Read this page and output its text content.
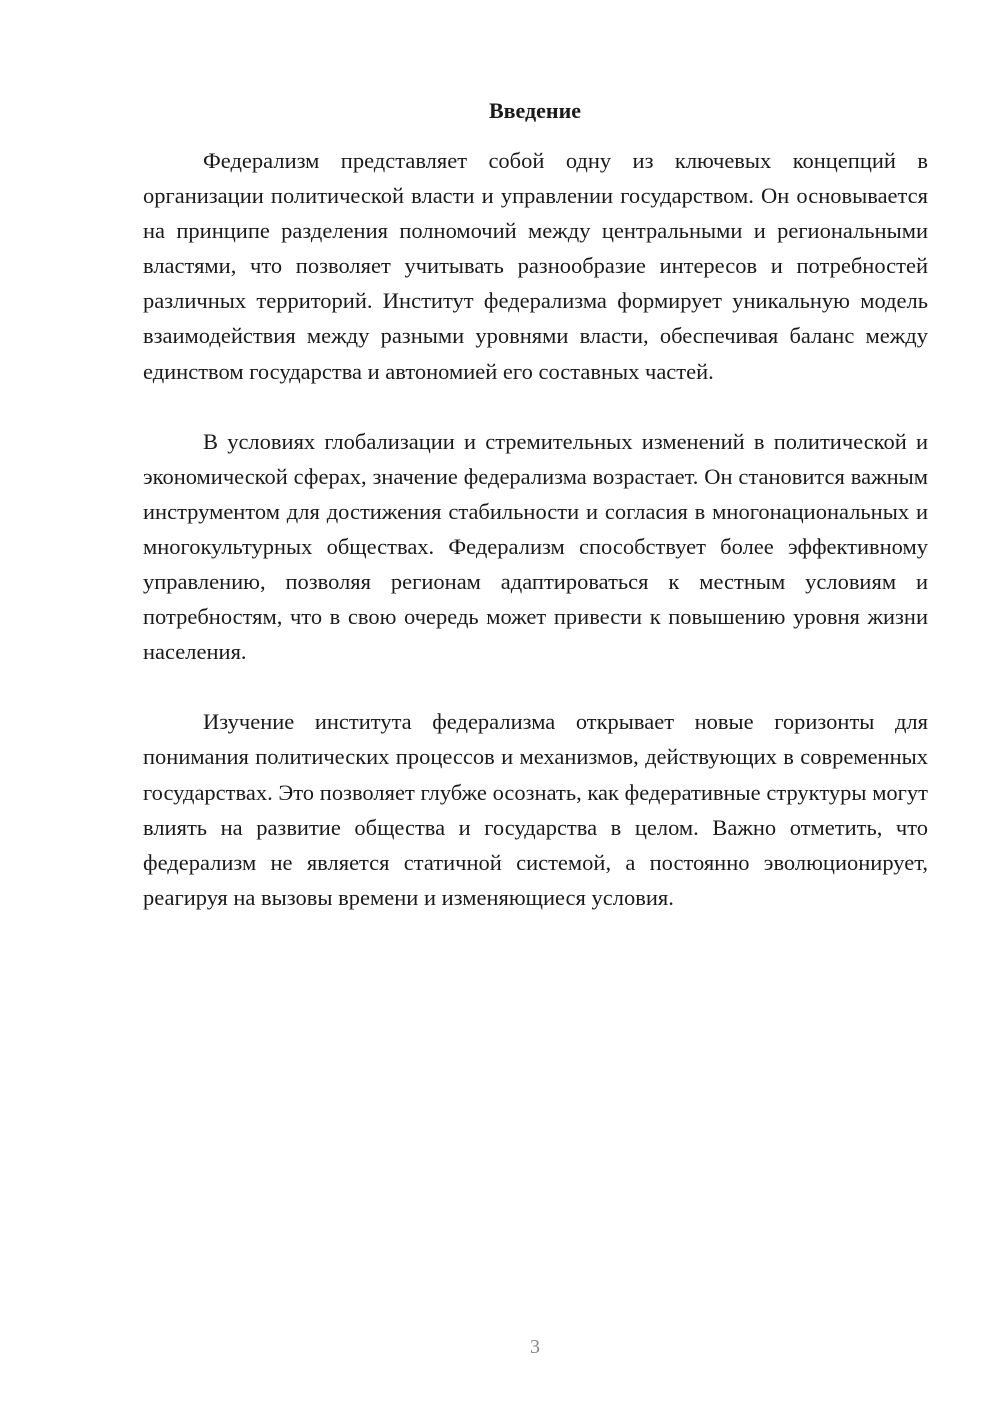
Введение

Федерализм представляет собой одну из ключевых концепций в организации политической власти и управлении государством. Он основывается на принципе разделения полномочий между центральными и региональными властями, что позволяет учитывать разнообразие интересов и потребностей различных территорий. Институт федерализма формирует уникальную модель взаимодействия между разными уровнями власти, обеспечивая баланс между единством государства и автономией его составных частей.

В условиях глобализации и стремительных изменений в политической и экономической сферах, значение федерализма возрастает. Он становится важным инструментом для достижения стабильности и согласия в многонациональных и многокультурных обществах. Федерализм способствует более эффективному управлению, позволяя регионам адаптироваться к местным условиям и потребностям, что в свою очередь может привести к повышению уровня жизни населения.

Изучение института федерализма открывает новые горизонты для понимания политических процессов и механизмов, действующих в современных государствах. Это позволяет глубже осознать, как федеративные структуры могут влиять на развитие общества и государства в целом. Важно отметить, что федерализм не является статичной системой, а постоянно эволюционирует, реагируя на вызовы времени и изменяющиеся условия.

3
